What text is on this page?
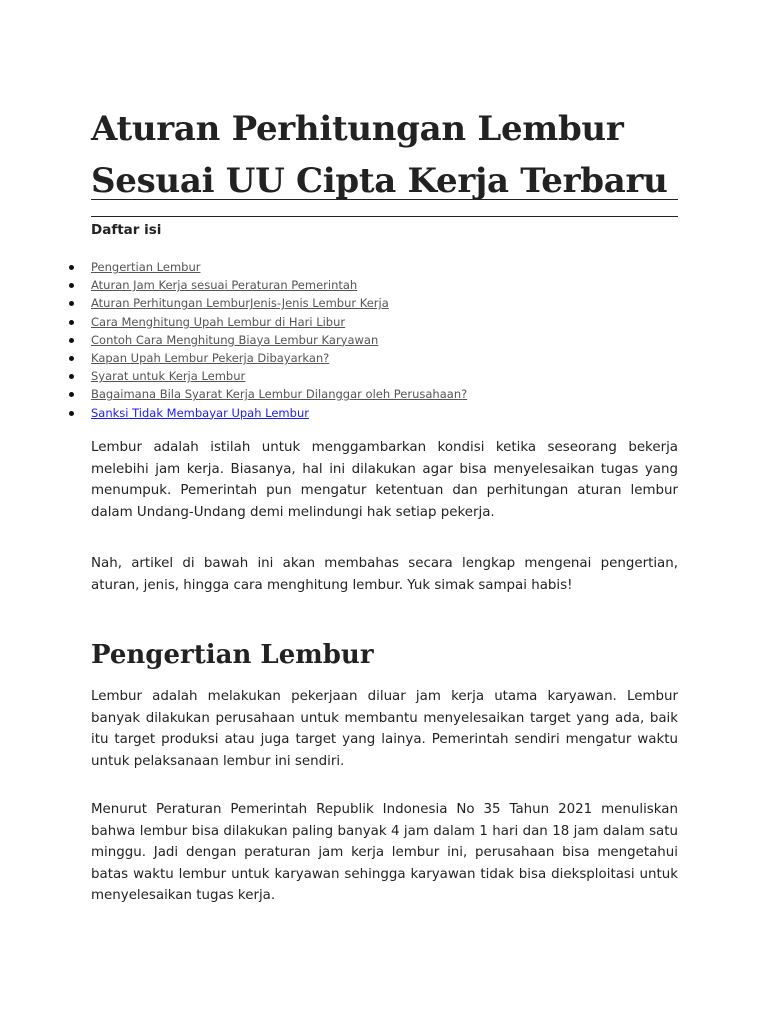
Aturan Perhitungan Lembur Sesuai UU Cipta Kerja Terbaru
Daftar isi
Pengertian Lembur
Aturan Jam Kerja sesuai Peraturan Pemerintah
Aturan Perhitungan LemburJenis-Jenis Lembur Kerja
Cara Menghitung Upah Lembur di Hari Libur
Contoh Cara Menghitung Biaya Lembur Karyawan
Kapan Upah Lembur Pekerja Dibayarkan?
Syarat untuk Kerja Lembur
Bagaimana Bila Syarat Kerja Lembur Dilanggar oleh Perusahaan?
Sanksi Tidak Membayar Upah Lembur

Lembur adalah istilah untuk menggambarkan kondisi ketika seseorang bekerja melebihi jam kerja. Biasanya, hal ini dilakukan agar bisa menyelesaikan tugas yang menumpuk. Pemerintah pun mengatur ketentuan dan perhitungan aturan lembur dalam Undang-Undang demi melindungi hak setiap pekerja.

Nah, artikel di bawah ini akan membahas secara lengkap mengenai pengertian, aturan, jenis, hingga cara menghitung lembur. Yuk simak sampai habis!

Pengertian Lembur

Lembur adalah melakukan pekerjaan diluar jam kerja utama karyawan. Lembur banyak dilakukan perusahaan untuk membantu menyelesaikan target yang ada, baik itu target produksi atau juga target yang lainya. Pemerintah sendiri mengatur waktu untuk pelaksanaan lembur ini sendiri.

Menurut Peraturan Pemerintah Republik Indonesia No 35 Tahun 2021 menuliskan bahwa lembur bisa dilakukan paling banyak 4 jam dalam 1 hari dan 18 jam dalam satu minggu. Jadi dengan peraturan jam kerja lembur ini, perusahaan bisa mengetahui batas waktu lembur untuk karyawan sehingga karyawan tidak bisa dieksploitasi untuk menyelesaikan tugas kerja.
